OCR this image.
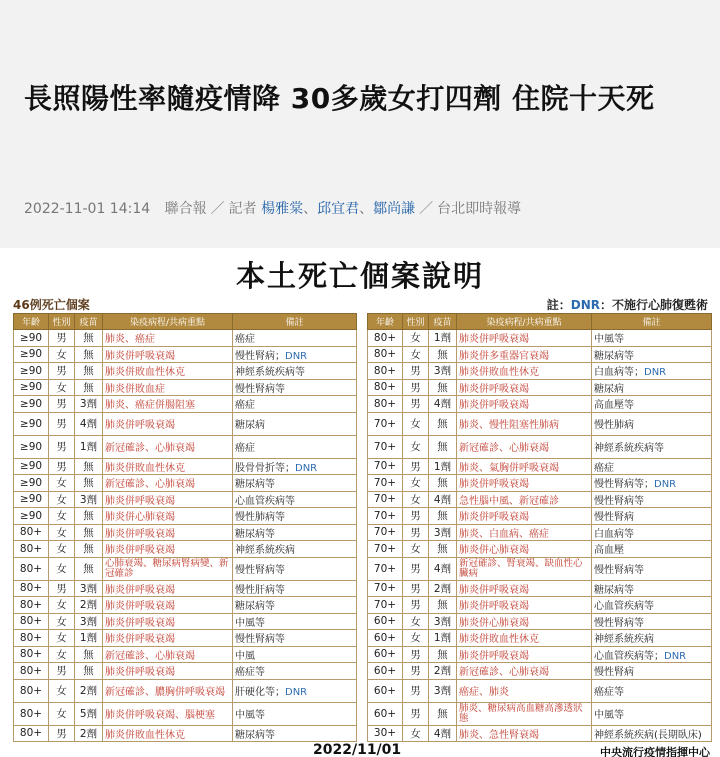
長照陽性率隨疫情降 30多歲女打四劑 住院十天死
2022-11-01 14:14 聯合報 ／ 記者 楊雅棠、邱宜君、鄒尚謙 ／ 台北即時報導
本土死亡個案說明
46例死亡個案	註：DNR：不施行心肺復甦術
年齡	性別	疫苗	染疫病程/共病重點	備註
≥90	男	無	肺炎、癌症	癌症
≥90	女	無	肺炎併呼吸衰竭	慢性腎病；DNR
≥90	男	無	肺炎併敗血性休克	神經系統疾病等
≥90	女	無	肺炎併敗血症	慢性腎病等
≥90	男	3劑	肺炎、癌症併腸阻塞	癌症
≥90	男	4劑	肺炎併呼吸衰竭	糖尿病
≥90	男	1劑	新冠確診、心肺衰竭	癌症
≥90	男	無	肺炎併敗血性休克	股骨骨折等；DNR
≥90	女	無	新冠確診、心肺衰竭	糖尿病等
≥90	女	3劑	肺炎併呼吸衰竭	心血管疾病等
≥90	女	無	肺炎併心肺衰竭	慢性肺病等
80+	女	無	肺炎併呼吸衰竭	糖尿病等
80+	女	無	肺炎併呼吸衰竭	神經系統疾病
80+	女	無	心肺衰竭、糖尿病腎病變、新冠確診	慢性腎病等
80+	男	3劑	肺炎併呼吸衰竭	慢性肝病等
80+	女	2劑	肺炎併呼吸衰竭	糖尿病等
80+	女	3劑	肺炎併呼吸衰竭	中風等
80+	女	1劑	肺炎併呼吸衰竭	慢性腎病等
80+	女	無	新冠確診、心肺衰竭	中風
80+	男	無	肺炎併呼吸衰竭	癌症等
80+	女	2劑	新冠確診、膿胸併呼吸衰竭	肝硬化等；DNR
80+	女	5劑	肺炎併呼吸衰竭、腦梗塞	中風等
80+	男	2劑	肺炎併敗血性休克	糖尿病等
年齡	性別	疫苗	染疫病程/共病重點	備註
80+	女	1劑	肺炎併呼吸衰竭	中風等
80+	女	無	肺炎併多重器官衰竭	糖尿病等
80+	男	3劑	肺炎併敗血性休克	白血病等；DNR
80+	男	無	肺炎併呼吸衰竭	糖尿病
80+	男	4劑	肺炎併呼吸衰竭	高血壓等
70+	女	無	肺炎、慢性阻塞性肺病	慢性肺病
70+	女	無	新冠確診、心肺衰竭	神經系統疾病等
70+	男	1劑	肺炎、氣胸併呼吸衰竭	癌症
70+	女	無	肺炎併呼吸衰竭	慢性腎病等；DNR
70+	女	4劑	急性腦中風、新冠確診	慢性腎病等
70+	男	無	肺炎併呼吸衰竭	慢性腎病
70+	男	3劑	肺炎、白血病、癌症	白血病等
70+	女	無	肺炎併心肺衰竭	高血壓
70+	男	4劑	新冠確診、腎衰竭、缺血性心臟病	慢性腎病等
70+	男	2劑	肺炎併呼吸衰竭	糖尿病等
70+	男	無	肺炎併呼吸衰竭	心血管疾病等
60+	女	3劑	肺炎併心肺衰竭	慢性腎病等
60+	女	1劑	肺炎併敗血性休克	神經系統疾病
60+	男	無	肺炎併呼吸衰竭	心血管疾病等；DNR
60+	男	2劑	新冠確診、心肺衰竭	慢性腎病
60+	男	3劑	癌症、肺炎	癌症等
60+	男	無	肺炎、糖尿病高血糖高滲透狀態	中風等
30+	女	4劑	肺炎、急性腎衰竭	神經系統疾病(長期臥床)
2022/11/01	中央流行疫情指揮中心
